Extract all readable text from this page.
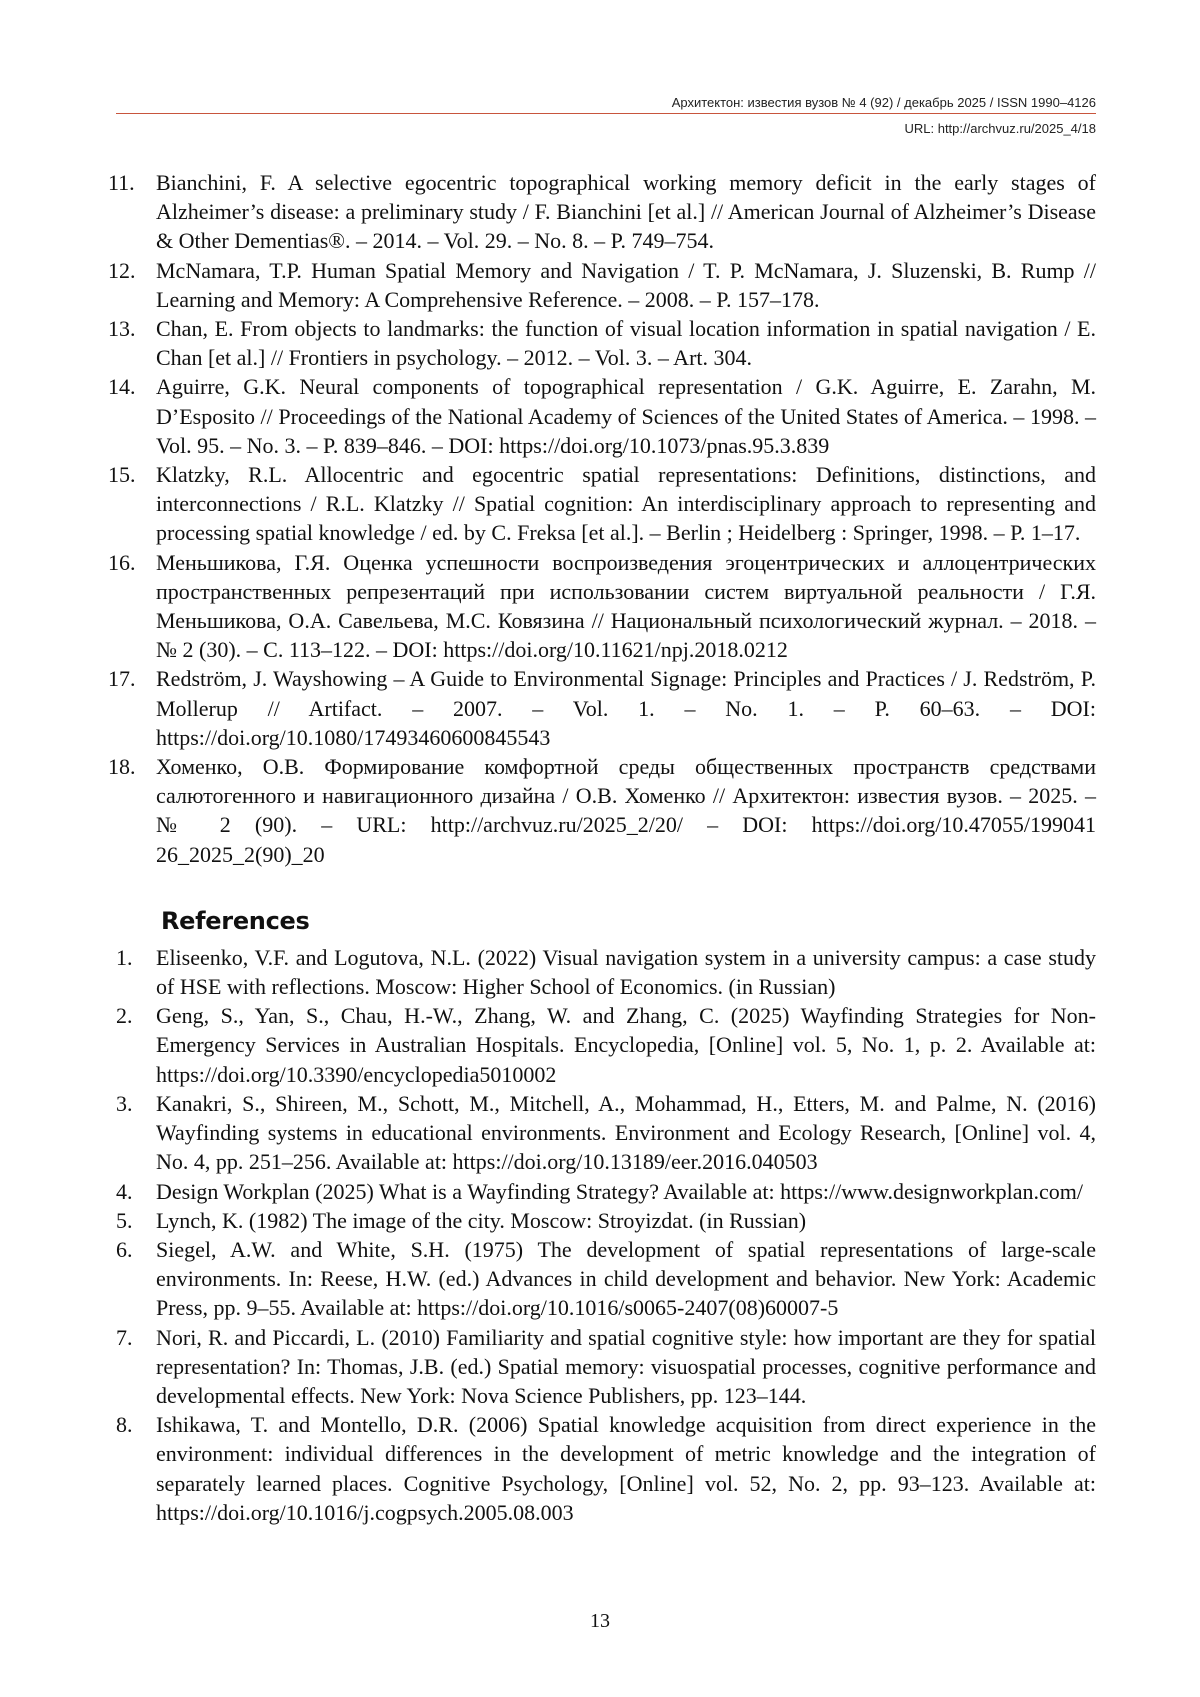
Архитектон: известия вузов № 4 (92) / декабрь 2025 / ISSN 1990–4126
URL: http://archvuz.ru/2025_4/18
11. Bianchini, F. A selective egocentric topographical working memory deficit in the early stages of Alzheimer’s disease: a preliminary study / F. Bianchini [et al.] // American Journal of Alzheimer’s Disease & Other Dementias®. – 2014. – Vol. 29. – No. 8. – P. 749–754.
12. McNamara, T.P. Human Spatial Memory and Navigation / T. P. McNamara, J. Sluzenski, B. Rump // Learning and Memory: A Comprehensive Reference. – 2008. – P. 157–178.
13. Chan, E. From objects to landmarks: the function of visual location information in spatial navigation / E. Chan [et al.] // Frontiers in psychology. – 2012. – Vol. 3. – Art. 304.
14. Aguirre, G.K. Neural components of topographical representation / G.K. Aguirre, E. Zarahn, M. D’Esposito // Proceedings of the National Academy of Sciences of the United States of America. – 1998. – Vol. 95. – No. 3. – P. 839–846. – DOI: https://doi.org/10.1073/pnas.95.3.839
15. Klatzky, R.L. Allocentric and egocentric spatial representations: Definitions, distinctions, and interconnections / R.L. Klatzky // Spatial cognition: An interdisciplinary approach to representing and processing spatial knowledge / ed. by C. Freksa [et al.]. – Berlin ; Heidelberg : Springer, 1998. – P. 1–17.
16. Меньшикова, Г.Я. Оценка успешности воспроизведения эгоцентрических и аллоцентрических пространственных репрезентаций при использовании систем виртуальной реальности / Г.Я. Меньшикова, О.А. Савельева, М.С. Ковязина // Национальный психологический журнал. – 2018. – № 2 (30). – С. 113–122. – DOI: https://doi.org/10.11621/npj.2018.0212
17. Redström, J. Wayshowing – A Guide to Environmental Signage: Principles and Practices / J. Redström, P. Mollerup // Artifact. – 2007. – Vol. 1. – No. 1. – P. 60–63. – DOI: https://doi.org/10.1080/17493460600845543
18. Хоменко, О.В. Формирование комфортной среды общественных пространств средствами салютогенного и навигационного дизайна / О.В. Хоменко // Архитектон: известия вузов. – 2025. – № 2 (90). – URL: http://archvuz.ru/2025_2/20/ – DOI: https://doi.org/10.47055/199041 26_2025_2(90)_20
References
1.	Eliseenko, V.F. and Logutova, N.L. (2022) Visual navigation system in a university campus: a case study of HSE with reflections. Moscow: Higher School of Economics. (in Russian)
2.	Geng, S., Yan, S., Chau, H.-W., Zhang, W. and Zhang, C. (2025) Wayfinding Strategies for Non-Emergency Services in Australian Hospitals. Encyclopedia, [Online] vol. 5, No. 1, p. 2. Available at: https://doi.org/10.3390/encyclopedia5010002
3.	Kanakri, S., Shireen, M., Schott, M., Mitchell, A., Mohammad, H., Etters, M. and Palme, N. (2016) Wayfinding systems in educational environments. Environment and Ecology Research, [Online] vol. 4, No. 4, pp. 251–256. Available at: https://doi.org/10.13189/eer.2016.040503
4.	Design Workplan (2025) What is a Wayfinding Strategy? Available at: https://www.designworkplan.com/
5.	Lynch, K. (1982) The image of the city. Moscow: Stroyizdat. (in Russian)
6.	Siegel, A.W. and White, S.H. (1975) The development of spatial representations of large-scale environments. In: Reese, H.W. (ed.) Advances in child development and behavior. New York: Academic Press, pp. 9–55. Available at: https://doi.org/10.1016/s0065-2407(08)60007-5
7.	Nori, R. and Piccardi, L. (2010) Familiarity and spatial cognitive style: how important are they for spatial representation? In: Thomas, J.B. (ed.) Spatial memory: visuospatial processes, cognitive performance and developmental effects. New York: Nova Science Publishers, pp. 123–144.
8.	Ishikawa, T. and Montello, D.R. (2006) Spatial knowledge acquisition from direct experience in the environment: individual differences in the development of metric knowledge and the integration of separately learned places. Cognitive Psychology, [Online] vol. 52, No. 2, pp. 93–123. Available at: https://doi.org/10.1016/j.cogpsych.2005.08.003
13
